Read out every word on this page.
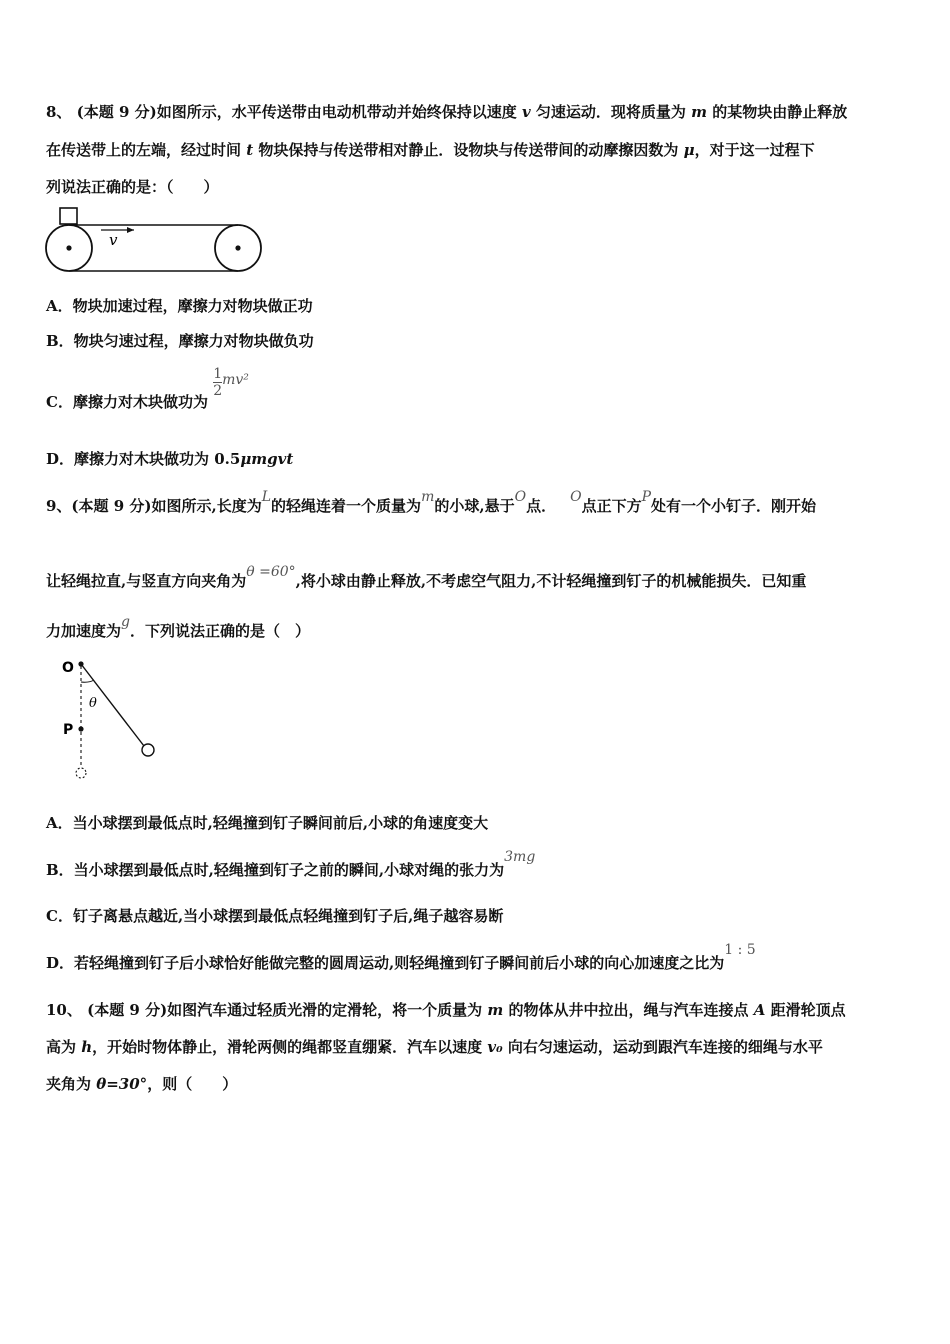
8、 (本题 9 分)如图所示，水平传送带由电动机带动并始终保持以速度 v 匀速运动．现将质量为 m 的某物块由静止释放
在传送带上的左端，经过时间 t 物块保持与传送带相对静止．设物块与传送带间的动摩擦因数为 μ，对于这一过程下
列说法正确的是：（　　）
v
A．物块加速过程，摩擦力对物块做正功
B．物块匀速过程，摩擦力对物块做负功
C．摩擦力对木块做功为
$\frac{1}{2} mv^2$
D．摩擦力对木块做功为 0.5μmgvt
9、(本题 9 分)如图所示,长度为L的轻绳连着一个质量为m的小球,悬于O点． O点正下方P处有一个小钉子．刚开始
让轻绳拉直,与竖直方向夹角为θ =60°,将小球由静止释放,不考虑空气阻力,不计轻绳撞到钉子的机械能损失．已知重
力加速度为g．下列说法正确的是（　）
O
P
θ
A．当小球摆到最低点时,轻绳撞到钉子瞬间前后,小球的角速度变大
B．当小球摆到最低点时,轻绳撞到钉子之前的瞬间,小球对绳的张力为3mg
C．钉子离悬点越近,当小球摆到最低点轻绳撞到钉子后,绳子越容易断
D．若轻绳撞到钉子后小球恰好能做完整的圆周运动,则轻绳撞到钉子瞬间前后小球的向心加速度之比为1 : 5
10、 (本题 9 分)如图汽车通过轻质光滑的定滑轮，将一个质量为 m 的物体从井中拉出，绳与汽车连接点 A 距滑轮顶点
高为 h，开始时物体静止，滑轮两侧的绳都竖直绷紧．汽车以速度 v₀ 向右匀速运动，运动到跟汽车连接的细绳与水平
夹角为 θ=30°，则（　　）
